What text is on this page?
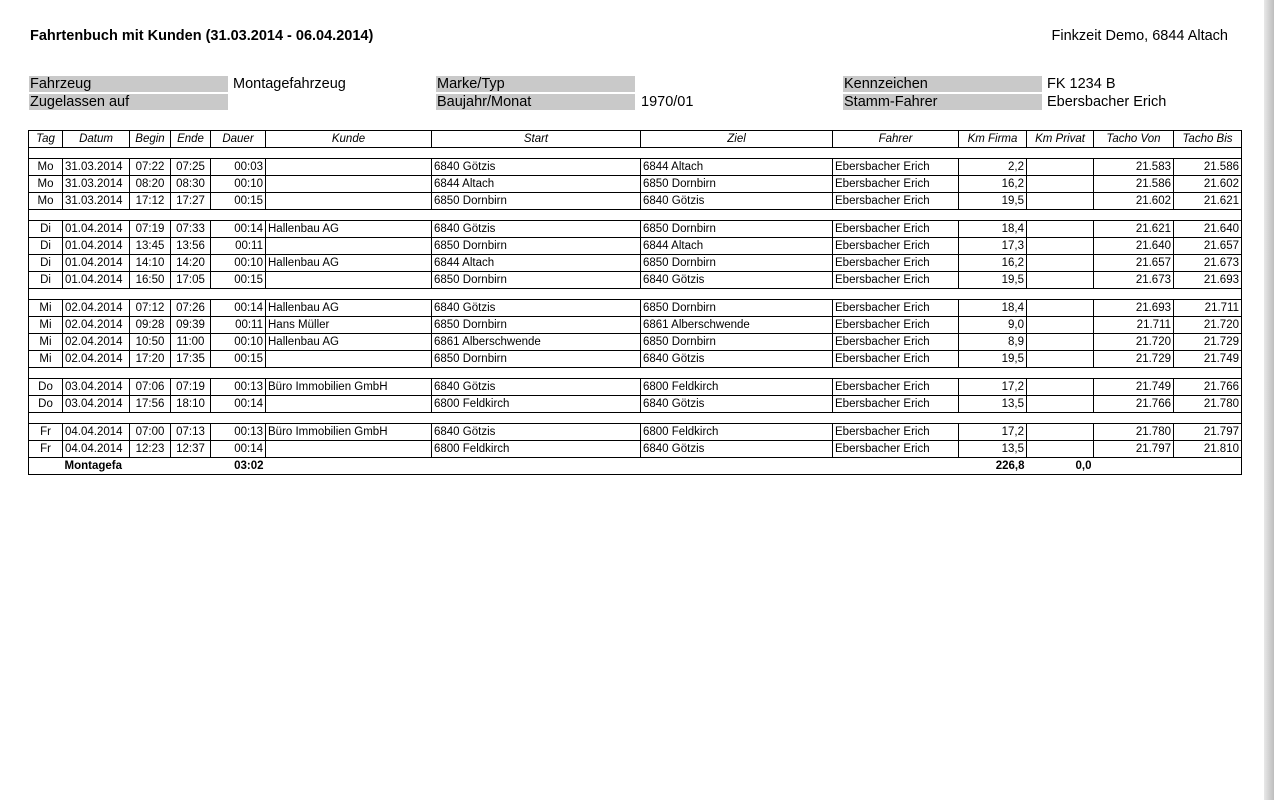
Fahrtenbuch mit Kunden (31.03.2014 - 06.04.2014)	Finkzeit Demo, 6844 Altach
Fahrzeug	Montagefahrzeug
Zugelassen auf
Marke/Typ
Baujahr/Monat	1970/01
Kennzeichen	FK 1234 B
Stamm-Fahrer	Ebersbacher Erich
Tag	Datum	Begin	Ende	Dauer	Kunde	Start	Ziel	Fahrer	Km Firma	Km Privat	Tacho Von	Tacho Bis

Mo	31.03.2014	07:22	07:25	00:03		6840 Götzis	6844 Altach	Ebersbacher Erich	2,2		21.583	21.586
Mo	31.03.2014	08:20	08:30	00:10		6844 Altach	6850 Dornbirn	Ebersbacher Erich	16,2		21.586	21.602
Mo	31.03.2014	17:12	17:27	00:15		6850 Dornbirn	6840 Götzis	Ebersbacher Erich	19,5		21.602	21.621

Di	01.04.2014	07:19	07:33	00:14	Hallenbau AG	6840 Götzis	6850 Dornbirn	Ebersbacher Erich	18,4		21.621	21.640
Di	01.04.2014	13:45	13:56	00:11		6850 Dornbirn	6844 Altach	Ebersbacher Erich	17,3		21.640	21.657
Di	01.04.2014	14:10	14:20	00:10	Hallenbau AG	6844 Altach	6850 Dornbirn	Ebersbacher Erich	16,2		21.657	21.673
Di	01.04.2014	16:50	17:05	00:15		6850 Dornbirn	6840 Götzis	Ebersbacher Erich	19,5		21.673	21.693

Mi	02.04.2014	07:12	07:26	00:14	Hallenbau AG	6840 Götzis	6850 Dornbirn	Ebersbacher Erich	18,4		21.693	21.711
Mi	02.04.2014	09:28	09:39	00:11	Hans Müller	6850 Dornbirn	6861 Alberschwende	Ebersbacher Erich	9,0		21.711	21.720
Mi	02.04.2014	10:50	11:00	00:10	Hallenbau AG	6861 Alberschwende	6850 Dornbirn	Ebersbacher Erich	8,9		21.720	21.729
Mi	02.04.2014	17:20	17:35	00:15		6850 Dornbirn	6840 Götzis	Ebersbacher Erich	19,5		21.729	21.749

Do	03.04.2014	07:06	07:19	00:13	Büro Immobilien GmbH	6840 Götzis	6800 Feldkirch	Ebersbacher Erich	17,2		21.749	21.766
Do	03.04.2014	17:56	18:10	00:14		6800 Feldkirch	6840 Götzis	Ebersbacher Erich	13,5		21.766	21.780

Fr	04.04.2014	07:00	07:13	00:13	Büro Immobilien GmbH	6840 Götzis	6800 Feldkirch	Ebersbacher Erich	17,2		21.780	21.797
Fr	04.04.2014	12:23	12:37	00:14		6800 Feldkirch	6840 Götzis	Ebersbacher Erich	13,5		21.797	21.810
	Montagefa			03:02					226,8	0,0		
